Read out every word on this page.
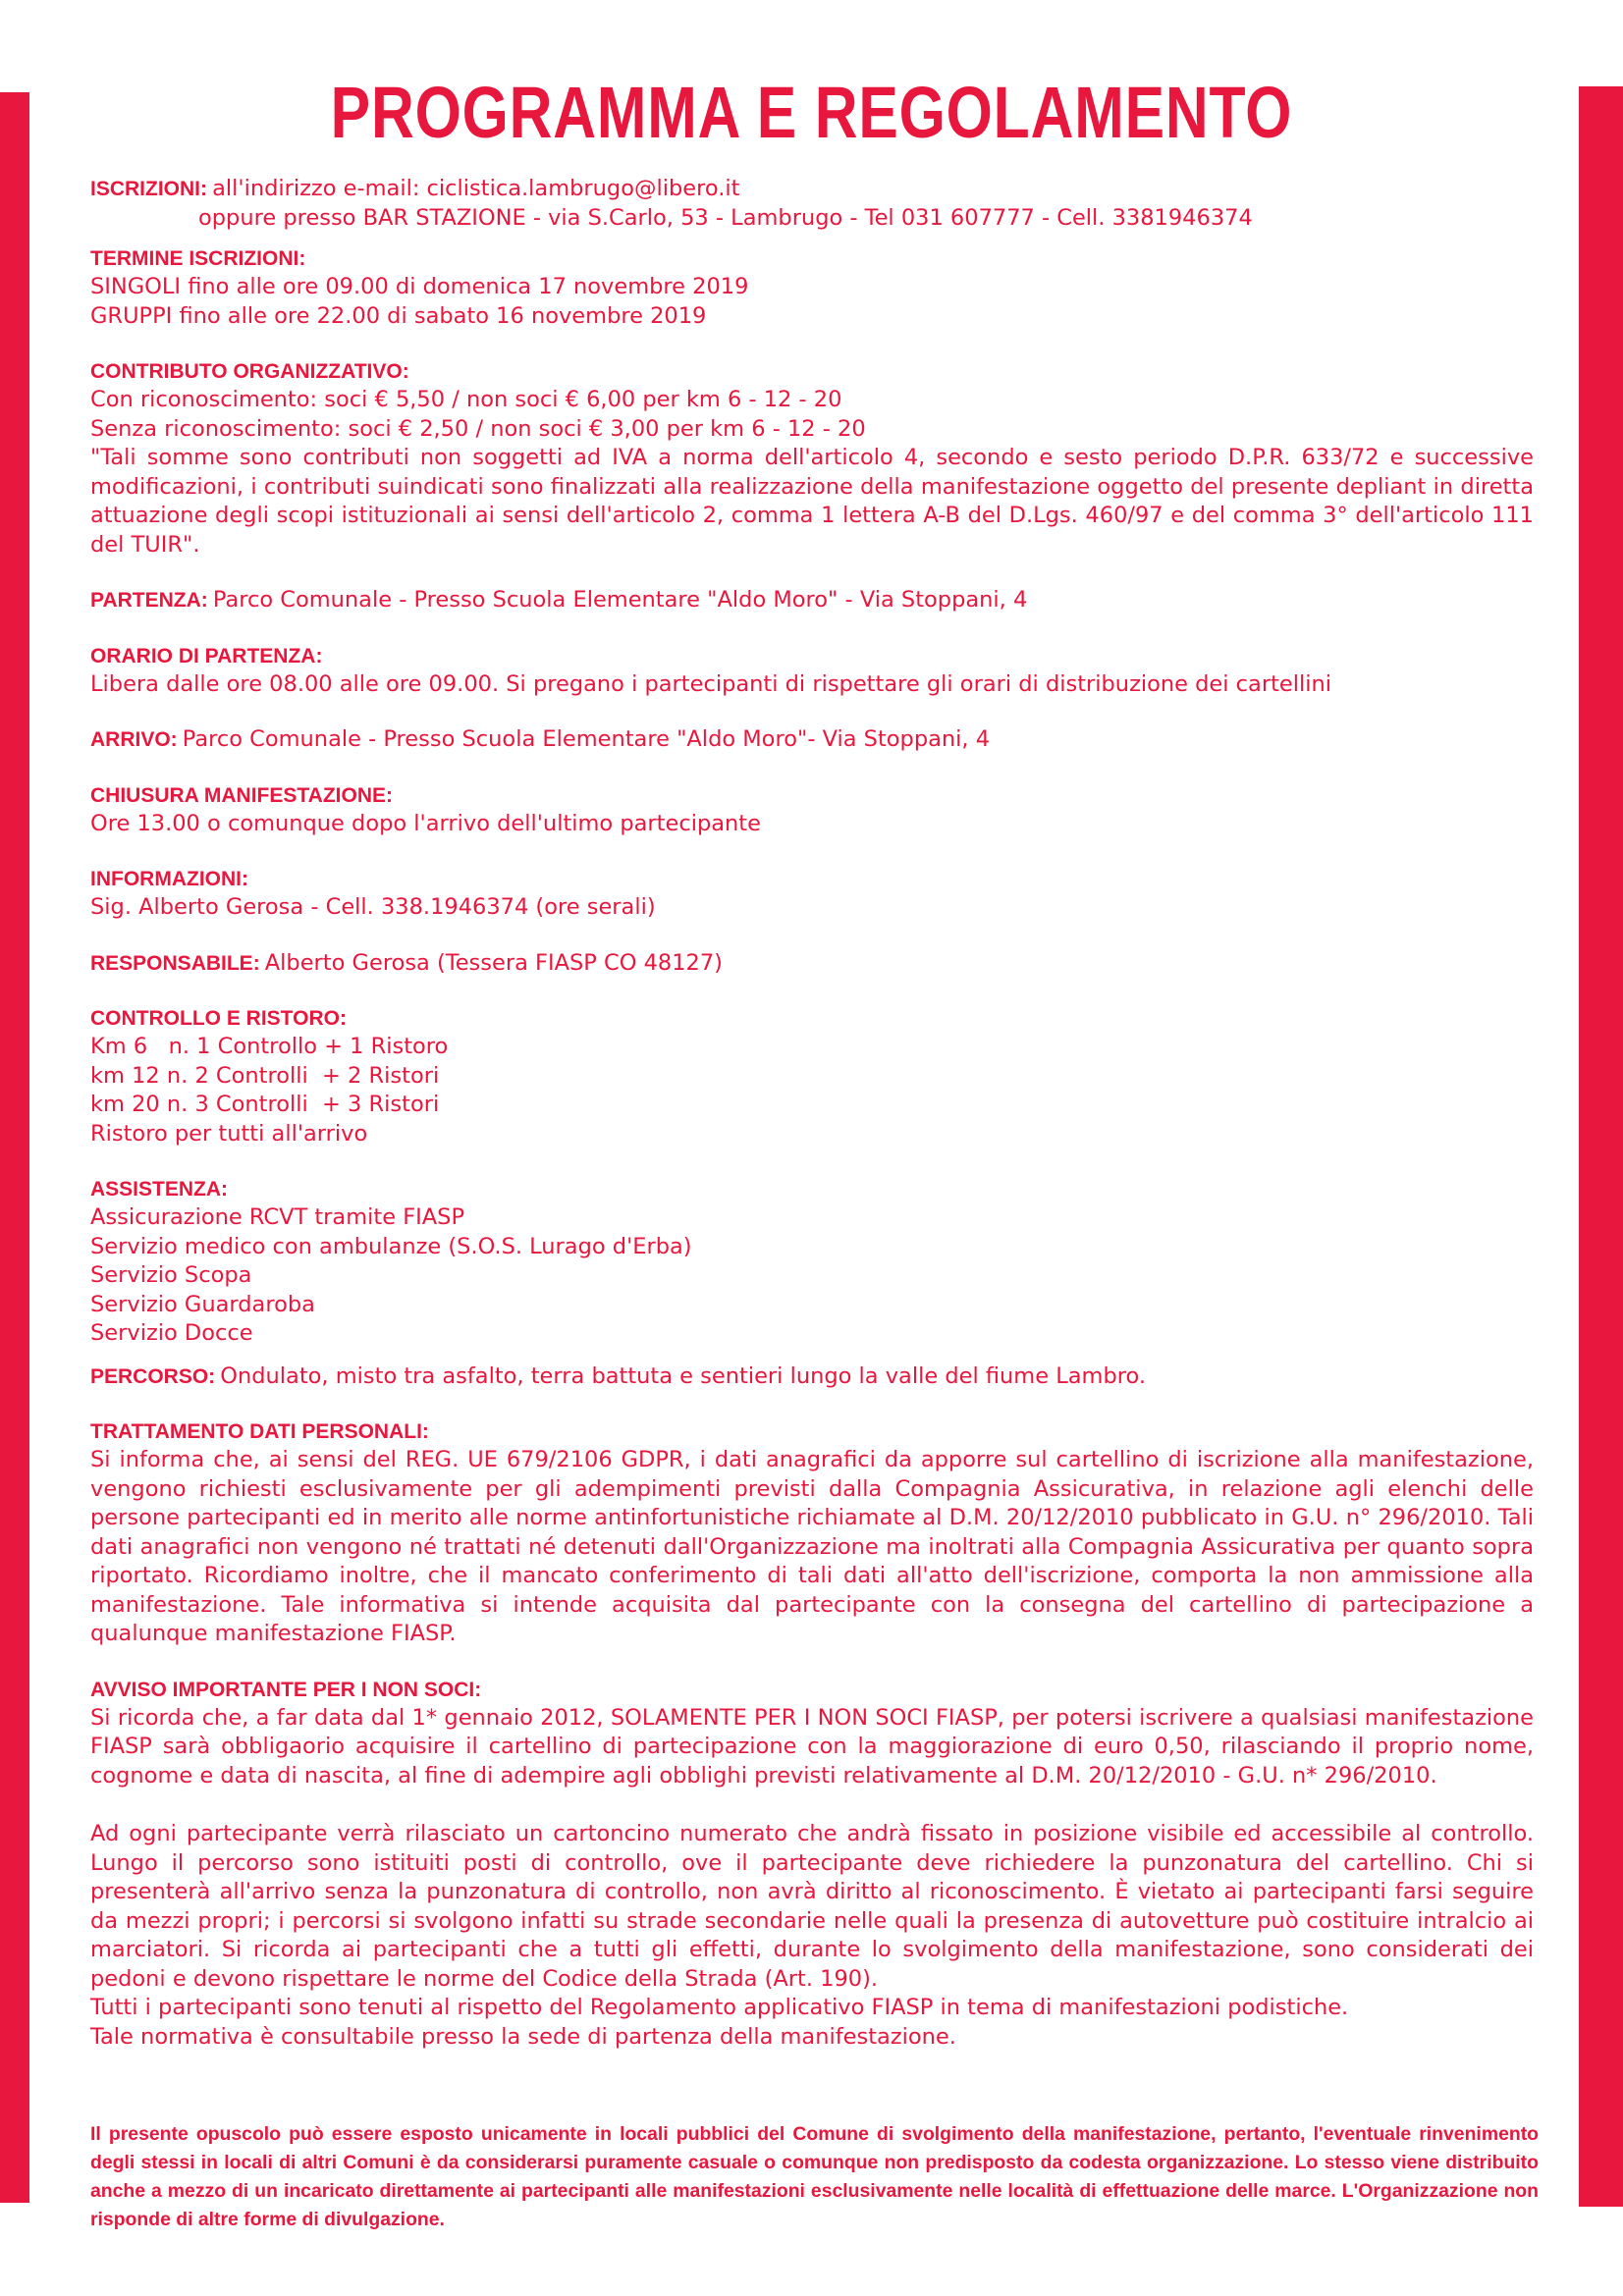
PROGRAMMA E REGOLAMENTO
ISCRIZIONI: all'indirizzo e-mail: ciclistica.lambrugo@libero.it
oppure presso BAR STAZIONE - via S.Carlo, 53 - Lambrugo - Tel 031 607777 - Cell. 3381946374
TERMINE ISCRIZIONI:
SINGOLI fino alle ore 09.00 di domenica 17 novembre 2019
GRUPPI fino alle ore 22.00 di sabato 16 novembre 2019
CONTRIBUTO ORGANIZZATIVO:
Con riconoscimento: soci € 5,50 / non soci € 6,00 per km 6 - 12 - 20
Senza riconoscimento: soci € 2,50 / non soci € 3,00 per km 6 - 12 - 20
"Tali somme sono contributi non soggetti ad IVA a norma dell'articolo 4, secondo e sesto periodo D.P.R. 633/72 e successive modificazioni, i contributi suindicati sono finalizzati alla realizzazione della manifestazione oggetto del presente depliant in diretta attuazione degli scopi istituzionali ai sensi dell'articolo 2, comma 1 lettera A-B del D.Lgs. 460/97 e del comma 3° dell'articolo 111 del TUIR".
PARTENZA: Parco Comunale - Presso Scuola Elementare "Aldo Moro" - Via Stoppani, 4
ORARIO DI PARTENZA:
Libera dalle ore 08.00 alle ore 09.00. Si pregano i partecipanti di rispettare gli orari di distribuzione dei cartellini
ARRIVO: Parco Comunale - Presso Scuola Elementare "Aldo Moro"- Via Stoppani, 4
CHIUSURA MANIFESTAZIONE:
Ore 13.00 o comunque dopo l'arrivo dell'ultimo partecipante
INFORMAZIONI:
Sig. Alberto Gerosa - Cell. 338.1946374 (ore serali)
RESPONSABILE: Alberto Gerosa (Tessera FIASP CO 48127)
CONTROLLO E RISTORO:
Km 6   n. 1 Controllo + 1 Ristoro
km 12 n. 2 Controlli  + 2 Ristori
km 20 n. 3 Controlli  + 3 Ristori
Ristoro per tutti all'arrivo
ASSISTENZA:
Assicurazione RCVT tramite FIASP
Servizio medico con ambulanze (S.O.S. Lurago d'Erba)
Servizio Scopa
Servizio Guardaroba
Servizio Docce
PERCORSO: Ondulato, misto tra asfalto, terra battuta e sentieri lungo la valle del fiume Lambro.
TRATTAMENTO DATI PERSONALI:
Si informa che, ai sensi del REG. UE 679/2106 GDPR, i dati anagrafici da apporre sul cartellino di iscrizione alla manifestazione, vengono richiesti esclusivamente per gli adempimenti previsti dalla Compagnia Assicurativa, in relazione agli elenchi delle persone partecipanti ed in merito alle norme antinfortunistiche richiamate al D.M. 20/12/2010 pubblicato in G.U. n° 296/2010. Tali dati anagrafici non vengono né trattati né detenuti dall'Organizzazione ma inoltrati alla Compagnia Assicurativa per quanto sopra riportato. Ricordiamo inoltre, che il mancato conferimento di tali dati all'atto dell'iscrizione, comporta la non ammissione alla manifestazione. Tale informativa si intende acquisita dal partecipante con la consegna del cartellino di partecipazione a qualunque manifestazione FIASP.
AVVISO IMPORTANTE PER I NON SOCI:
Si ricorda che, a far data dal 1* gennaio 2012, SOLAMENTE PER I NON SOCI FIASP, per potersi iscrivere a qualsiasi manifestazione FIASP sarà obbligaorio acquisire il cartellino di partecipazione con la maggiorazione di euro 0,50, rilasciando il proprio nome, cognome e data di nascita, al fine di adempire agli obblighi previsti relativamente al D.M. 20/12/2010 - G.U. n* 296/2010.
Ad ogni partecipante verrà rilasciato un cartoncino numerato che andrà fissato in posizione visibile ed accessibile al controllo. Lungo il percorso sono istituiti posti di controllo, ove il partecipante deve richiedere la punzonatura del cartellino. Chi si presenterà all'arrivo senza la punzonatura di controllo, non avrà diritto al riconoscimento. È vietato ai partecipanti farsi seguire da mezzi propri; i percorsi si svolgono infatti su strade secondarie nelle quali la presenza di autovetture può costituire intralcio ai marciatori. Si ricorda ai partecipanti che a tutti gli effetti, durante lo svolgimento della manifestazione, sono considerati dei pedoni e devono rispettare le norme del Codice della Strada (Art. 190).
Tutti i partecipanti sono tenuti al rispetto del Regolamento applicativo FIASP in tema di manifestazioni podistiche.
Tale normativa è consultabile presso la sede di partenza della manifestazione.
Il presente opuscolo può essere esposto unicamente in locali pubblici del Comune di svolgimento della manifestazione, pertanto, l'eventuale rinvenimento degli stessi in locali di altri Comuni è da considerarsi puramente casuale o comunque non predisposto da codesta organizzazione. Lo stesso viene distribuito anche a mezzo di un incaricato direttamente ai partecipanti alle manifestazioni esclusivamente nelle località di effettuazione delle marce. L'Organizzazione non risponde di altre forme di divulgazione.
